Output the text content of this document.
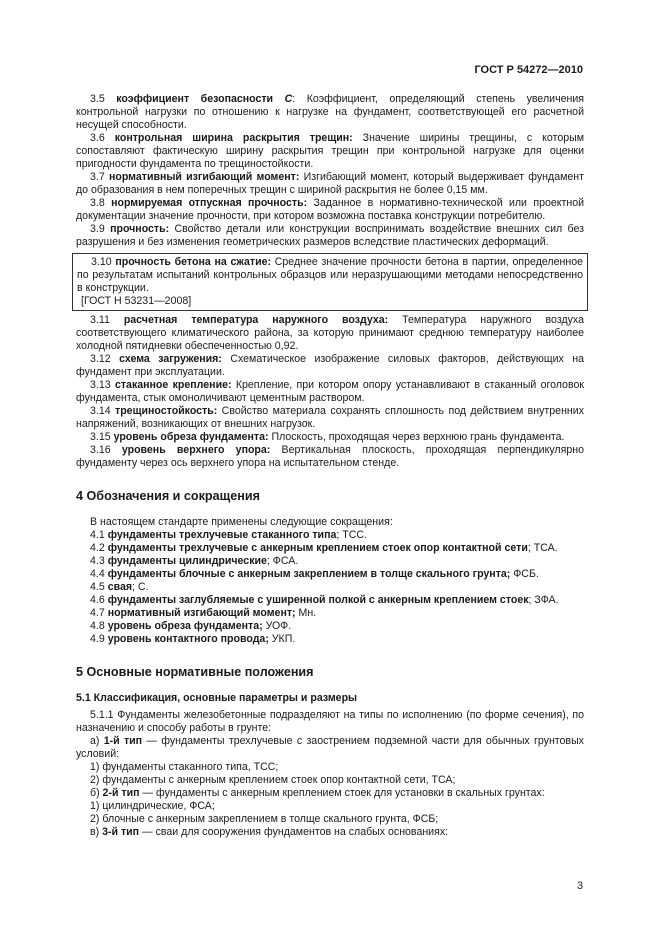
ГОСТ Р 54272—2010

3.5 коэффициент безопасности C: Коэффициент, определяющий степень увеличения контрольной нагрузки по отношению к нагрузке на фундамент, соответствующей его расчетной несущей способности.

3.6 контрольная ширина раскрытия трещин: Значение ширины трещины, с которым сопоставляют фактическую ширину раскрытия трещин при контрольной нагрузке для оценки пригодности фундамента по трещиностойкости.

3.7 нормативный изгибающий момент: Изгибающий момент, который выдерживает фундамент до образования в нем поперечных трещин с шириной раскрытия не более 0,15 мм.

3.8 нормируемая отпускная прочность: Заданное в нормативно-технической или проектной документации значение прочности, при котором возможна поставка конструкции потребителю.

3.9 прочность: Свойство детали или конструкции воспринимать воздействие внешних сил без разрушения и без изменения геометрических размеров вследствие пластических деформаций.

3.10 прочность бетона на сжатие: Среднее значение прочности бетона в партии, определенное по результатам испытаний контрольных образцов или неразрушающими методами непосредственно в конструкции.

[ГОСТ Н 53231—2008]

3.11 расчетная температура наружного воздуха: Температура наружного воздуха соответствующего климатического района, за которую принимают среднюю температуру наиболее холодной пятидневки обеспеченностью 0,92.

3.12 схема загружения: Схематическое изображение силовых факторов, действующих на фундамент при эксплуатации.

3.13 стаканное крепление: Крепление, при котором опору устанавливают в стаканный оголовок фундамента, стык омоноличивают цементным раствором.

3.14 трещиностойкость: Свойство материала сохранять сплошность под действием внутренних напряжений, возникающих от внешних нагрузок.

3.15 уровень обреза фундамента: Плоскость, проходящая через верхнюю грань фундамента.

3.16 уровень верхнего упора: Вертикальная плоскость, проходящая перпендикулярно фундаменту через ось верхнего упора на испытательном стенде.

4 Обозначения и сокращения

В настоящем стандарте применены следующие сокращения:

4.1 фундаменты трехлучевые стаканного типа; ТСС.

4.2 фундаменты трехлучевые с анкерным креплением стоек опор контактной сети; ТСА.

4.3 фундаменты цилиндрические; ФСА.

4.4 фундаменты блочные с анкерным закреплением в толще скального грунта; ФСБ.

4.5 свая; С.

4.6 фундаменты заглубляемые с уширенной полкой с анкерным креплением стоек; ЗФА.

4.7 нормативный изгибающий момент; Мн.

4.8 уровень обреза фундамента; УОФ.

4.9 уровень контактного провода; УКП.

5 Основные нормативные положения
5.1 Классификация, основные параметры и размеры

5.1.1 Фундаменты железобетонные подразделяют на типы по исполнению (по форме сечения), по назначению и способу работы в грунте:

а) 1-й тип — фундаменты трехлучевые с заострением подземной части для обычных грунтовых условий:

1) фундаменты стаканного типа, ТСС;

2) фундаменты с анкерным креплением стоек опор контактной сети, ТСА;

б) 2-й тип — фундаменты с анкерным креплением стоек для установки в скальных грунтах:

1) цилиндрические, ФСА;

2) блочные с анкерным закреплением в толще скального грунта, ФСБ;

в) 3-й тип — сваи для сооружения фундаментов на слабых основаниях:

3
